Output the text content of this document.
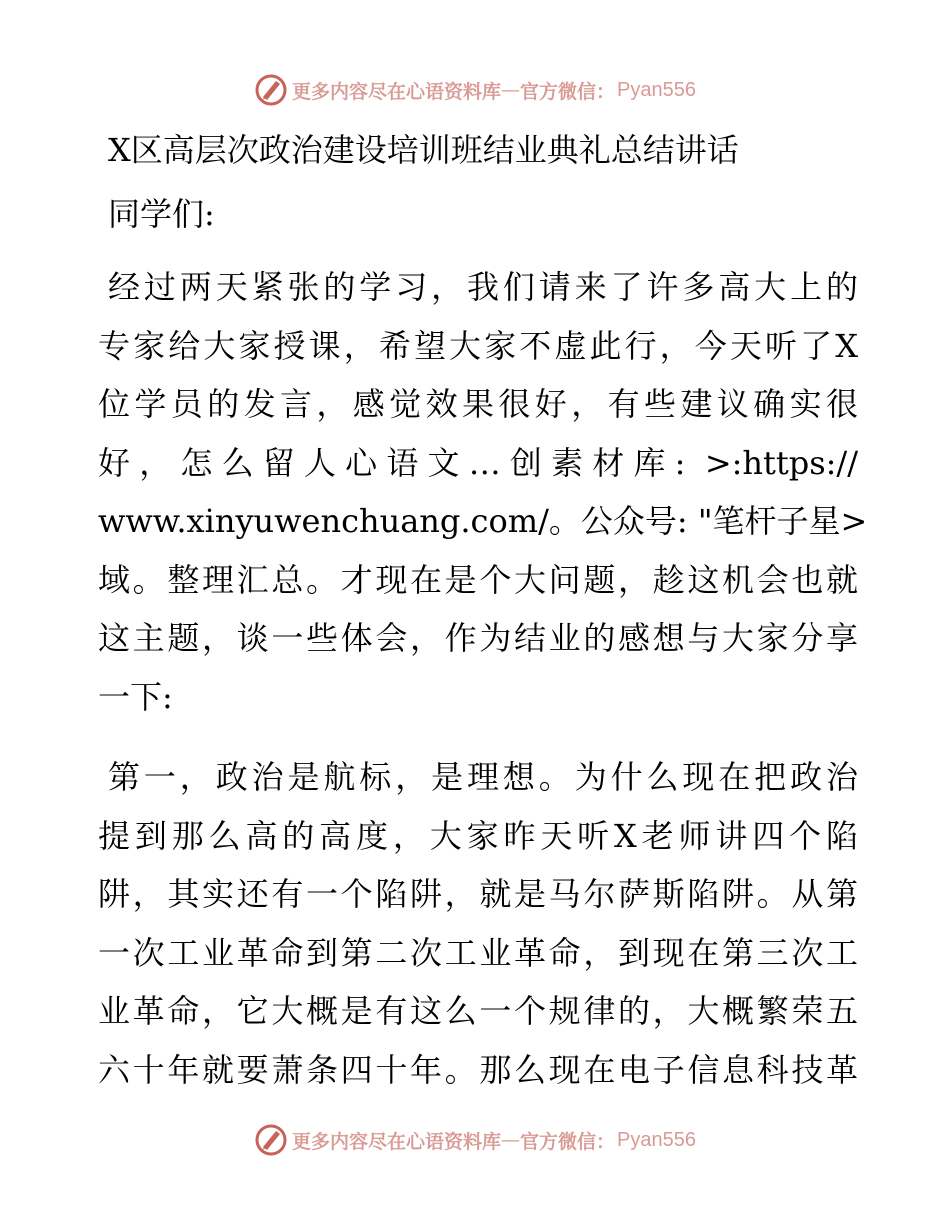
更多内容尽在心语资料库 — 官方微信： Pyan556
X区高层次政治建设培训班结业典礼总结讲话
同学们:
经过两天紧张的学习，我们请来了许多高大上的
专家给大家授课，希望大家不虚此行，今天听了X
位学员的发言，感觉效果很好，有些建议确实很
好，怎么留人心语文…创素材库: >:https://
www.xinyuwenchuang.com/。公众号: "笔杆子星>
域。整理汇总。才现在是个大问题，趁这机会也就
这主题，谈一些体会，作为结业的感想与大家分享
一下:
第一，政治是航标，是理想。为什么现在把政治
提到那么高的高度，大家昨天听X老师讲四个陷
阱，其实还有一个陷阱，就是马尔萨斯陷阱。从第
一次工业革命到第二次工业革命，到现在第三次工
业革命，它大概是有这么一个规律的，大概繁荣五
六十年就要萧条四十年。那么现在电子信息科技革
更多内容尽在心语资料库 — 官方微信： Pyan556
